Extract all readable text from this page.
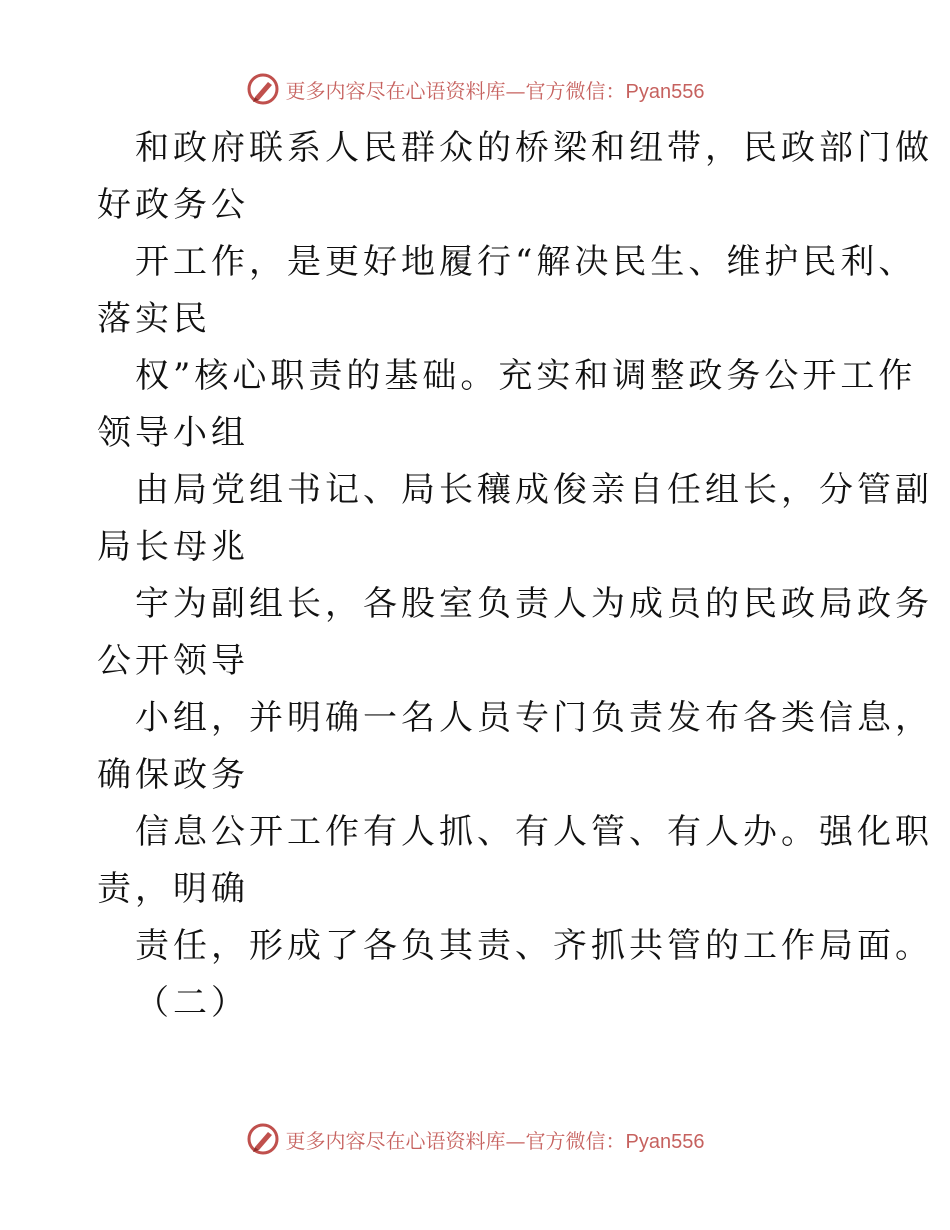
更多内容尽在心语资料库—官方微信：Pyan556
和政府联系人民群众的桥梁和纽带，民政部门做
好政务公
开工作，是更好地履行“解决民生、维护民利、
落实民
权”核心职责的基础。充实和调整政务公开工作
领导小组
由局党组书记、局长穰成俊亲自任组长，分管副
局长母兆
宇为副组长，各股室负责人为成员的民政局政务
公开领导
小组，并明确一名人员专门负责发布各类信息，
确保政务
信息公开工作有人抓、有人管、有人办。强化职
责，明确
责任，形成了各负其责、齐抓共管的工作局面。
（二）
更多内容尽在心语资料库—官方微信：Pyan556
